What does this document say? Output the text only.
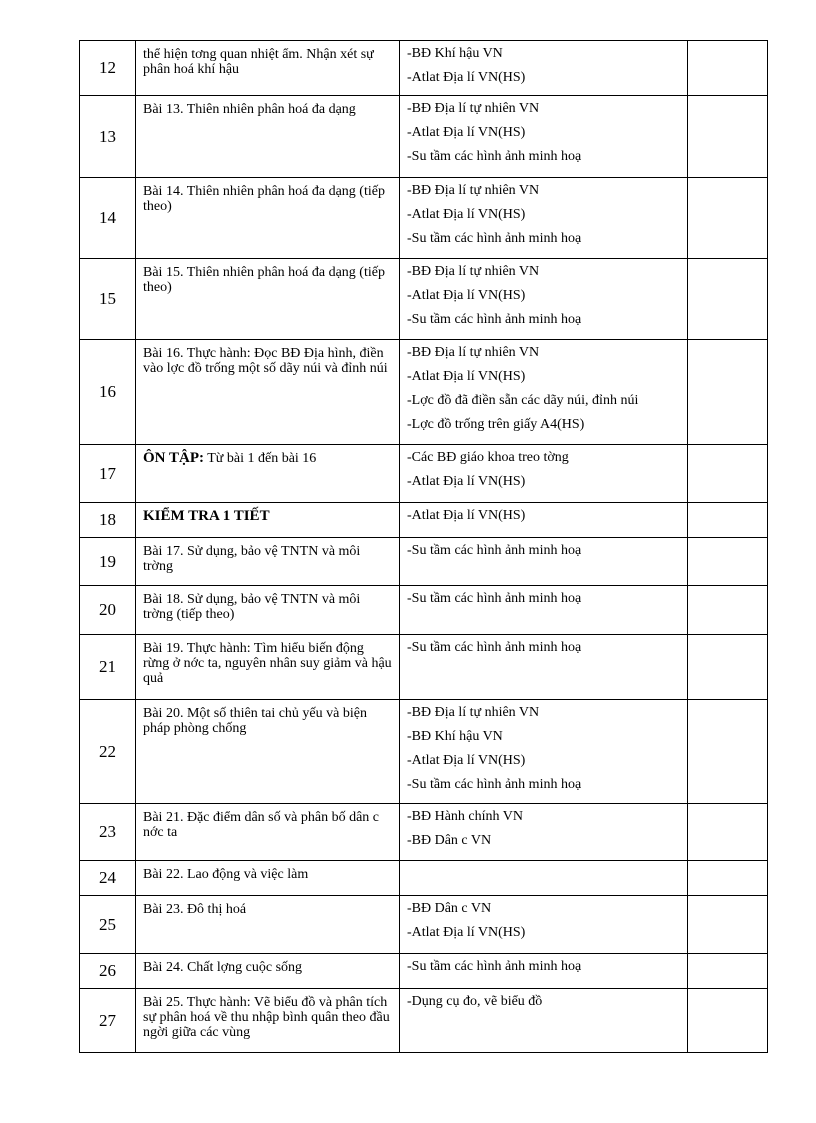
12	thể hiện tơng quan nhiệt ẩm. Nhận xét sự phân hoá khí hậu	-BĐ Khí hậu VN
-Atlat Địa lí VN(HS)	

13	Bài 13. Thiên nhiên phân hoá đa dạng	-BĐ Địa lí tự nhiên VN
-Atlat Địa lí VN(HS)
-Su tầm các hình ảnh minh hoạ	

14	Bài 14. Thiên nhiên phân hoá đa dạng (tiếp theo)	-BĐ Địa lí tự nhiên VN
-Atlat Địa lí VN(HS)
-Su tầm các hình ảnh minh hoạ	

15	Bài 15. Thiên nhiên phân hoá đa dạng (tiếp theo)	-BĐ Địa lí tự nhiên VN
-Atlat Địa lí VN(HS)
-Su tầm các hình ảnh minh hoạ	

16	Bài 16. Thực hành: Đọc BĐ Địa hình, điền vào lợc đồ trống một số dãy núi và đỉnh núi	-BĐ Địa lí tự nhiên VN
-Atlat Địa lí VN(HS)
-Lợc đồ đã điền sẵn các dãy núi, đỉnh núi
-Lợc đồ trống trên giấy A4(HS)	

17	ÔN TẬP: Từ bài 1 đến bài 16	-Các BĐ giáo khoa treo tờng
-Atlat Địa lí VN(HS)	

18	KIỂM TRA 1 TIẾT	-Atlat Địa lí VN(HS)	

19	Bài 17. Sử dụng, bảo vệ TNTN và môi trờng	-Su tầm các hình ảnh minh hoạ	

20	Bài 18. Sử dụng, bảo vệ TNTN và môi trờng (tiếp theo)	-Su tầm các hình ảnh minh hoạ	

21	Bài 19. Thực hành: Tìm hiểu biến động rừng ở nớc ta, nguyên nhân suy giảm và hậu quả	-Su tầm các hình ảnh minh hoạ	

22	Bài 20. Một số thiên tai chủ yếu và biện pháp phòng chống	-BĐ Địa lí tự nhiên VN
-BĐ Khí hậu VN
-Atlat Địa lí VN(HS)
-Su tầm các hình ảnh minh hoạ	

23	Bài 21. Đặc điểm dân số và phân bố dân c nớc ta	-BĐ Hành chính VN
-BĐ Dân c VN	

24	Bài 22. Lao động và việc làm		
25	Bài 23. Đô thị hoá	-BĐ Dân c VN
-Atlat Địa lí VN(HS)	

26	Bài 24. Chất lợng cuộc sống	-Su tầm các hình ảnh minh hoạ	

27	Bài 25. Thực hành: Vẽ biểu đồ và phân tích sự phân hoá về thu nhập bình quân theo đầu ngời giữa các vùng	-Dụng cụ đo, vẽ biểu đồ	
